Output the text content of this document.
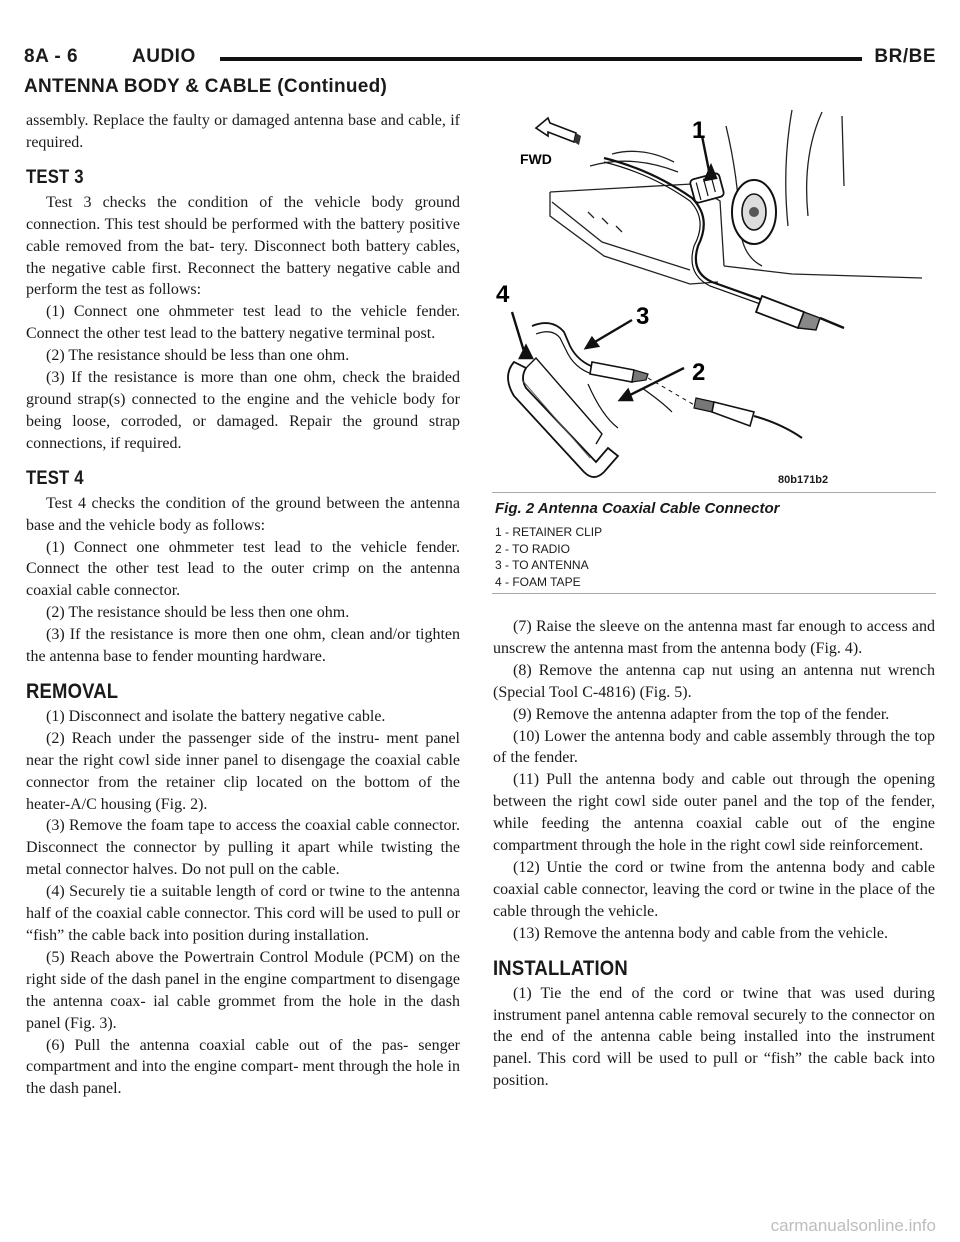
8A - 6	AUDIO	BR/BE
ANTENNA BODY & CABLE (Continued)

assembly. Replace the faulty or damaged antenna base and cable, if required.

TEST 3

Test 3 checks the condition of the vehicle body ground connection. This test should be performed with the battery positive cable removed from the bat- tery. Disconnect both battery cables, the negative cable first. Reconnect the battery negative cable and perform the test as follows:

(1) Connect one ohmmeter test lead to the vehicle fender. Connect the other test lead to the battery negative terminal post.

(2) The resistance should be less than one ohm.

(3) If the resistance is more than one ohm, check the braided ground strap(s) connected to the engine and the vehicle body for being loose, corroded, or damaged. Repair the ground strap connections, if required.

TEST 4

Test 4 checks the condition of the ground between the antenna base and the vehicle body as follows:

(1) Connect one ohmmeter test lead to the vehicle fender. Connect the other test lead to the outer crimp on the antenna coaxial cable connector.

(2) The resistance should be less then one ohm.

(3) If the resistance is more then one ohm, clean and/or tighten the antenna base to fender mounting hardware.

REMOVAL

(1) Disconnect and isolate the battery negative cable.

(2) Reach under the passenger side of the instru- ment panel near the right cowl side inner panel to disengage the coaxial cable connector from the retainer clip located on the bottom of the heater-A/C housing (Fig. 2).

(3) Remove the foam tape to access the coaxial cable connector. Disconnect the connector by pulling it apart while twisting the metal connector halves. Do not pull on the cable.

(4) Securely tie a suitable length of cord or twine to the antenna half of the coaxial cable connector. This cord will be used to pull or “fish” the cable back into position during installation.

(5) Reach above the Powertrain Control Module (PCM) on the right side of the dash panel in the engine compartment to disengage the antenna coax- ial cable grommet from the hole in the dash panel (Fig. 3).

(6) Pull the antenna coaxial cable out of the pas- senger compartment and into the engine compart- ment through the hole in the dash panel.

FWD
1
2
3
4
80b171b2
Fig. 2 Antenna Coaxial Cable Connector
1 - RETAINER CLIP
2 - TO RADIO
3 - TO ANTENNA
4 - FOAM TAPE

(7) Raise the sleeve on the antenna mast far enough to access and unscrew the antenna mast from the antenna body (Fig. 4).

(8) Remove the antenna cap nut using an antenna nut wrench (Special Tool C-4816) (Fig. 5).

(9) Remove the antenna adapter from the top of the fender.

(10) Lower the antenna body and cable assembly through the top of the fender.

(11) Pull the antenna body and cable out through the opening between the right cowl side outer panel and the top of the fender, while feeding the antenna coaxial cable out of the engine compartment through the hole in the right cowl side reinforcement.

(12) Untie the cord or twine from the antenna body and cable coaxial cable connector, leaving the cord or twine in the place of the cable through the vehicle.

(13) Remove the antenna body and cable from the vehicle.

INSTALLATION

(1) Tie the end of the cord or twine that was used during instrument panel antenna cable removal securely to the connector on the end of the antenna cable being installed into the instrument panel. This cord will be used to pull or “fish” the cable back into position.

carmanualsonline.info
